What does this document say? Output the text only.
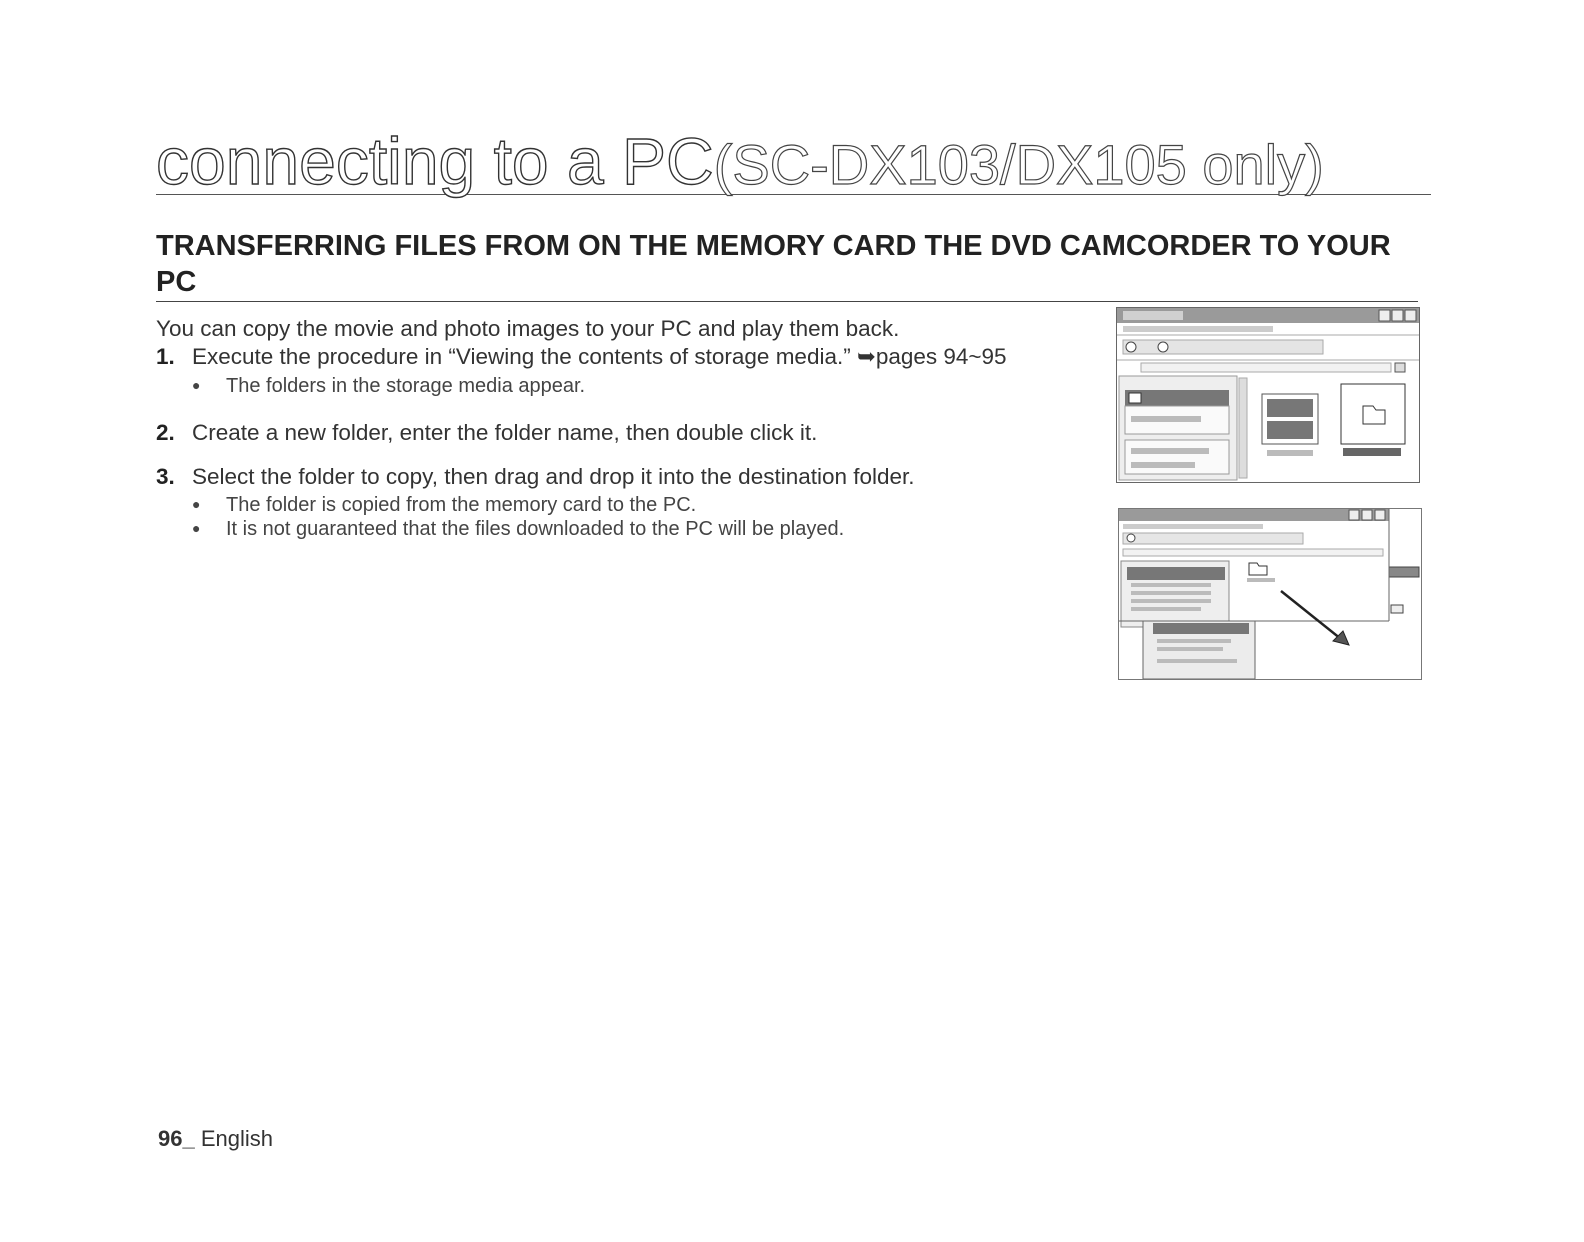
connecting to a PC(SC-DX103/DX105 only)
TRANSFERRING FILES FROM ON THE MEMORY CARD THE DVD CAMCORDER TO YOUR PC
You can copy the movie and photo images to your PC and play them back.
1. Execute the procedure in “Viewing the contents of storage media.” ➥pages 94~95
● The folders in the storage media appear.
2. Create a new folder, enter the folder name, then double click it.
3. Select the folder to copy, then drag and drop it into the destination folder.
● The folder is copied from the memory card to the PC.
● It is not guaranteed that the files downloaded to the PC will be played.
96_ English
